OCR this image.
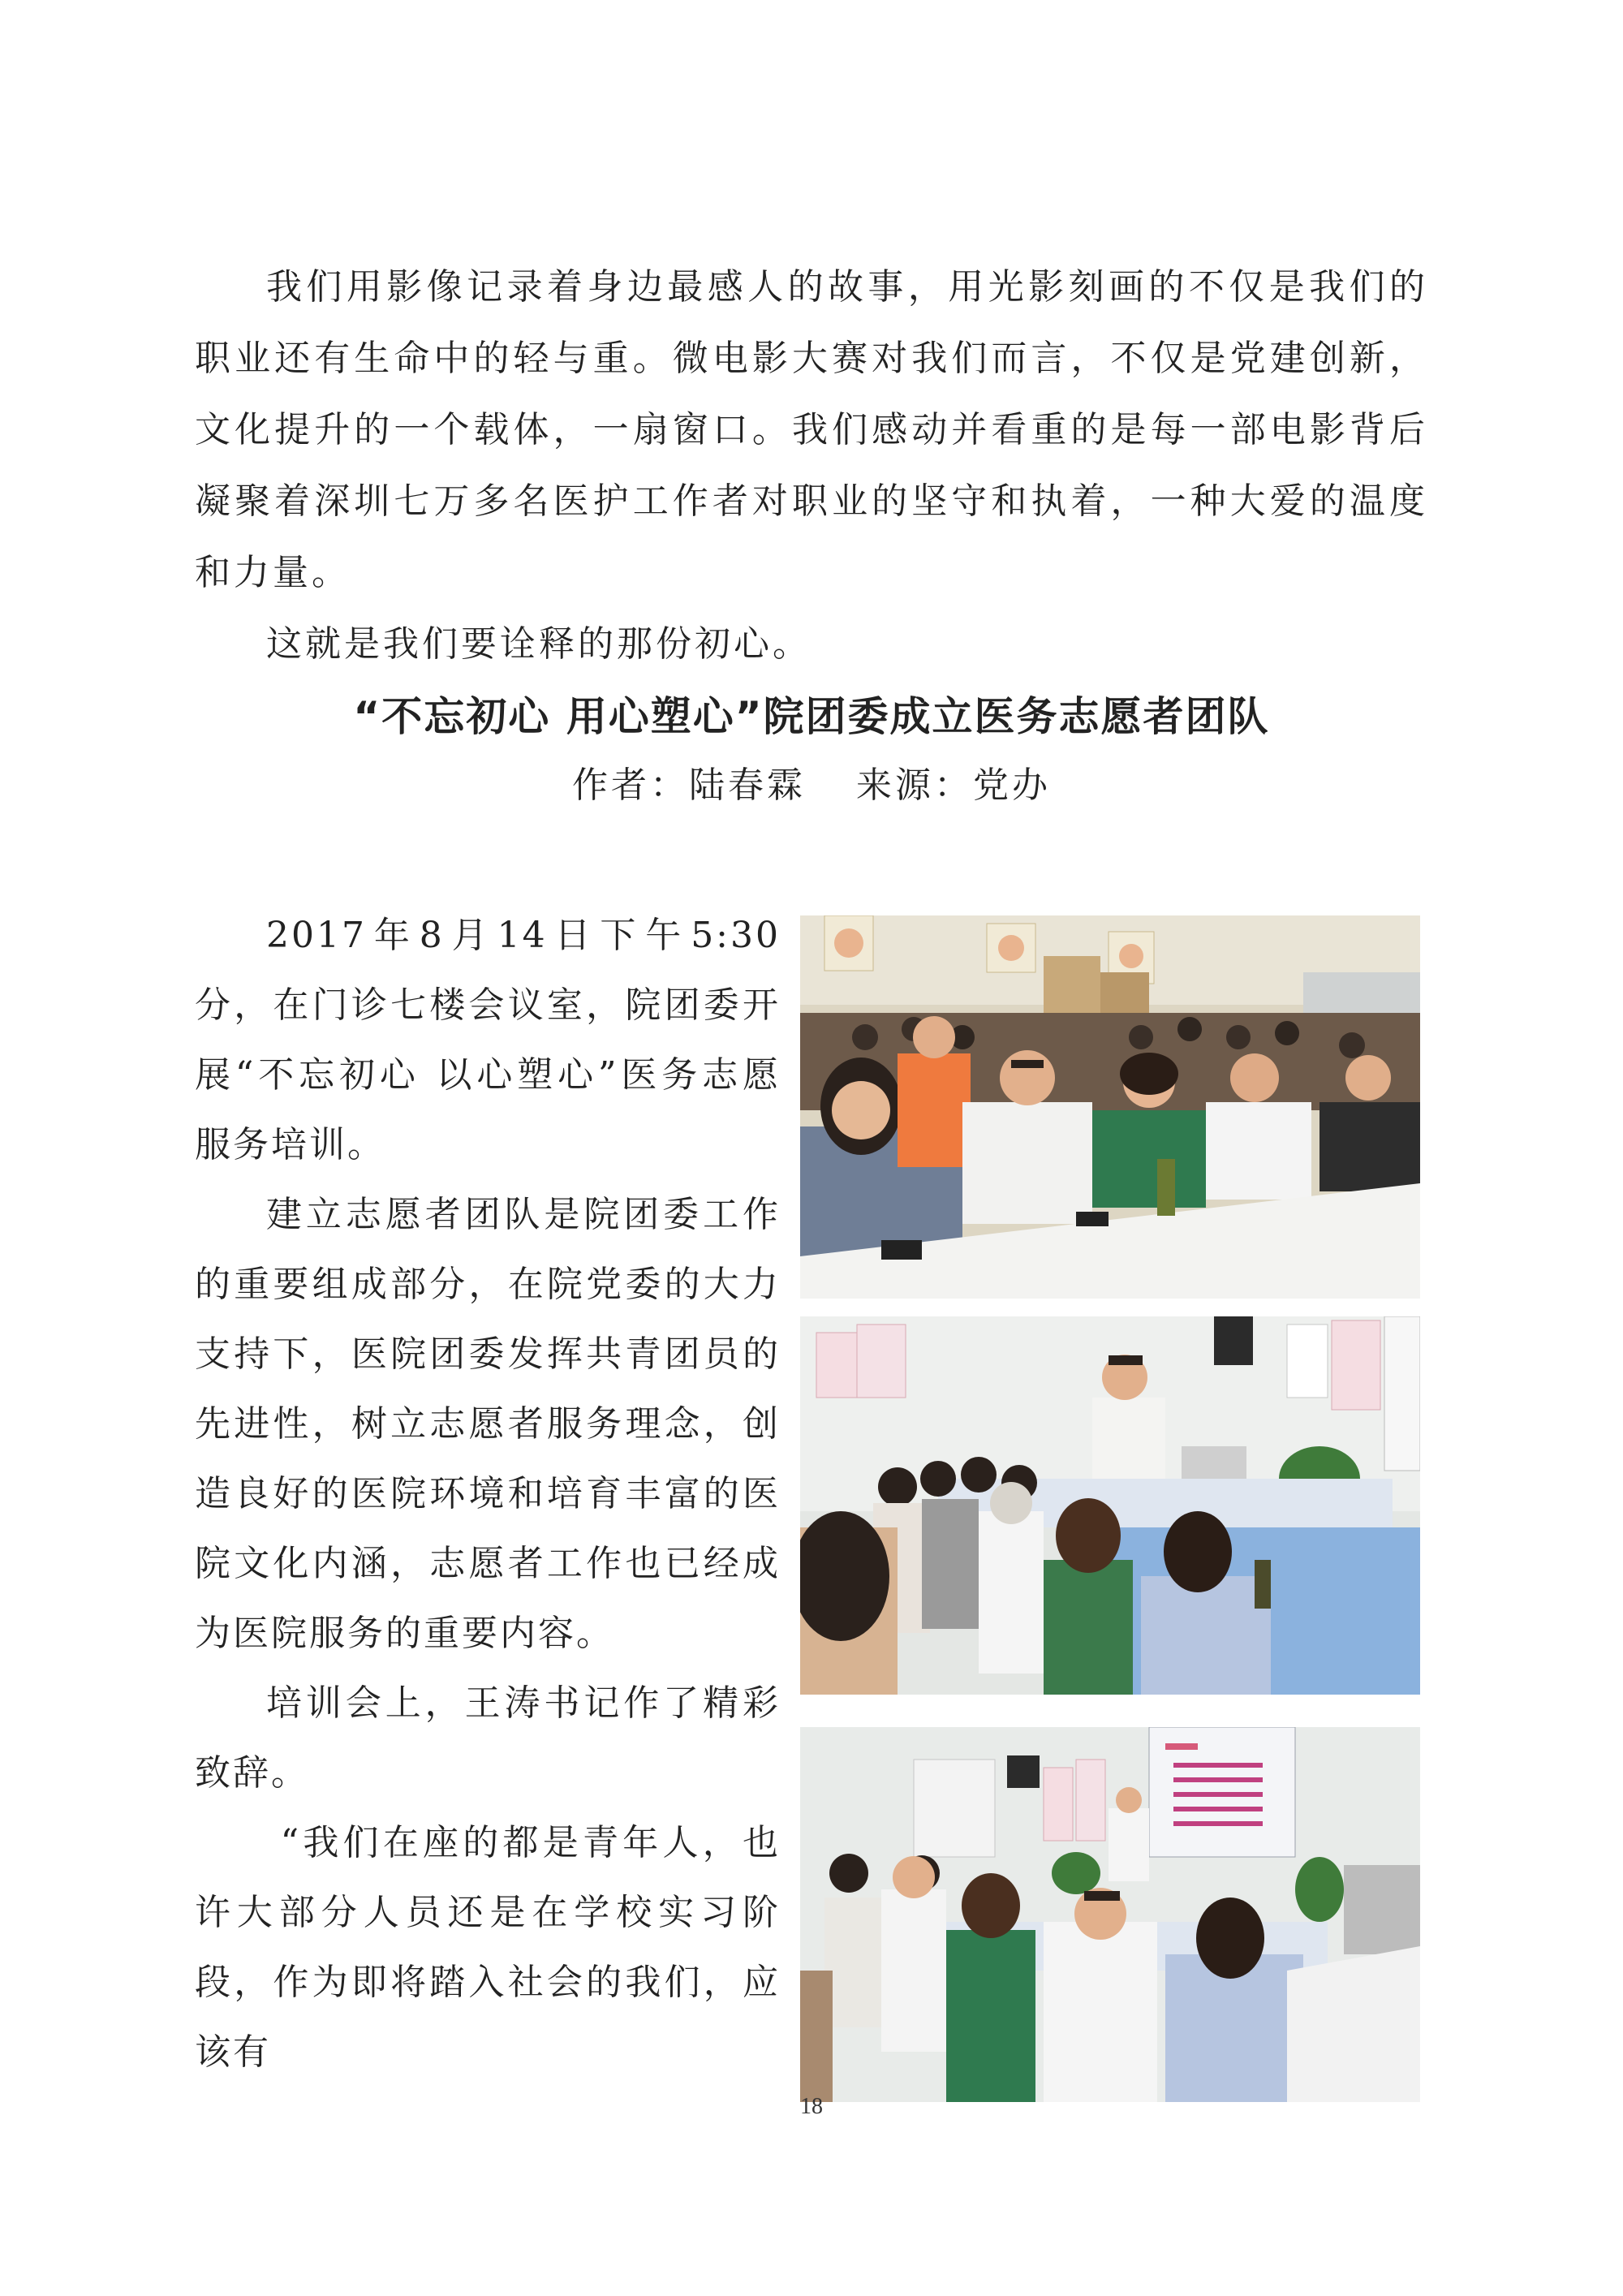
我们用影像记录着身边最感人的故事，用光影刻画的不仅是我们的职业还有生命中的轻与重。微电影大赛对我们而言，不仅是党建创新，文化提升的一个载体，一扇窗口。我们感动并看重的是每一部电影背后凝聚着深圳七万多名医护工作者对职业的坚守和执着，一种大爱的温度和力量。

这就是我们要诠释的那份初心。

“不忘初心 用心塑心”院团委成立医务志愿者团队
作者：陆春霖 来源：党办

2017年8月14日下午5:30分，在门诊七楼会议室，院团委开展“不忘初心 以心塑心”医务志愿服务培训。

建立志愿者团队是院团委工作的重要组成部分，在院党委的大力支持下，医院团委发挥共青团员的先进性，树立志愿者服务理念，创造良好的医院环境和培育丰富的医院文化内涵，志愿者工作也已经成为医院服务的重要内容。

培训会上，王涛书记作了精彩致辞。

“我们在座的都是青年人，也许大部分人员还是在学校实习阶段，作为即将踏入社会的我们，应该有

18
